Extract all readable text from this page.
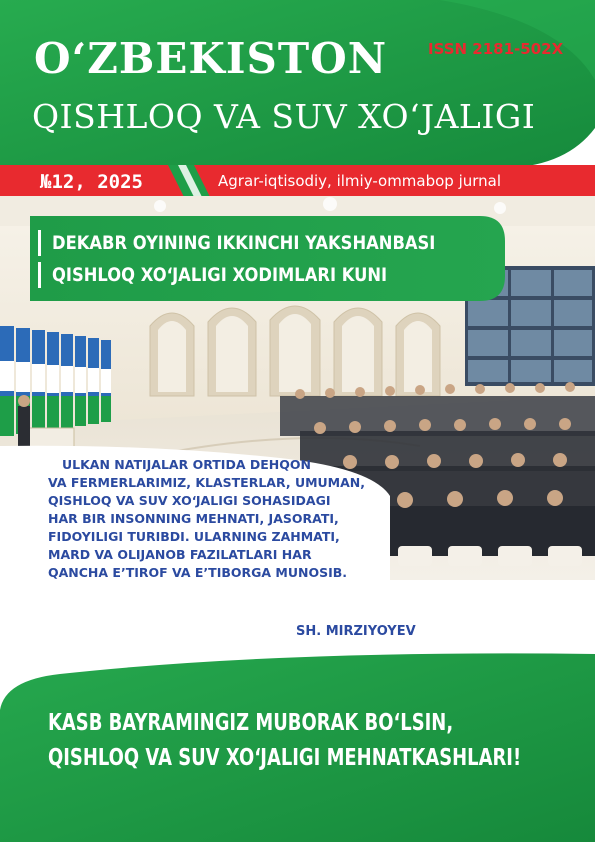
O‘ZBEKISTON
QISHLOQ VA SUV XO‘JALIGI
ISSN 2181-502X
№12, 2025	Agrar-iqtisodiy, ilmiy-ommabop jurnal
DEKABR OYINING IKKINCHI YAKSHANBASI
QISHLOQ XO‘JALIGI XODIMLARI KUNI
ULKAN NATIJALAR ORTIDA DEHQON
VA FERMERLARIMIZ, KLASTERLAR, UMUMAN,
QISHLOQ VA SUV XO‘JALIGI SOHASIDAGI
HAR BIR INSONNING MEHNATI, JASORATI,
FIDOYILIGI TURIBDI. ULARNING ZAHMATI,
MARD VA OLIJANOB FAZILATLARI HAR
QANCHA E’TIROF VA E’TIBORGA MUNOSIB.
SH. MIRZIYOYEV
KASB BAYRAMINGIZ MUBORAK BO‘LSIN,
QISHLOQ VA SUV XO‘JALIGI MEHNATKASHLARI!
